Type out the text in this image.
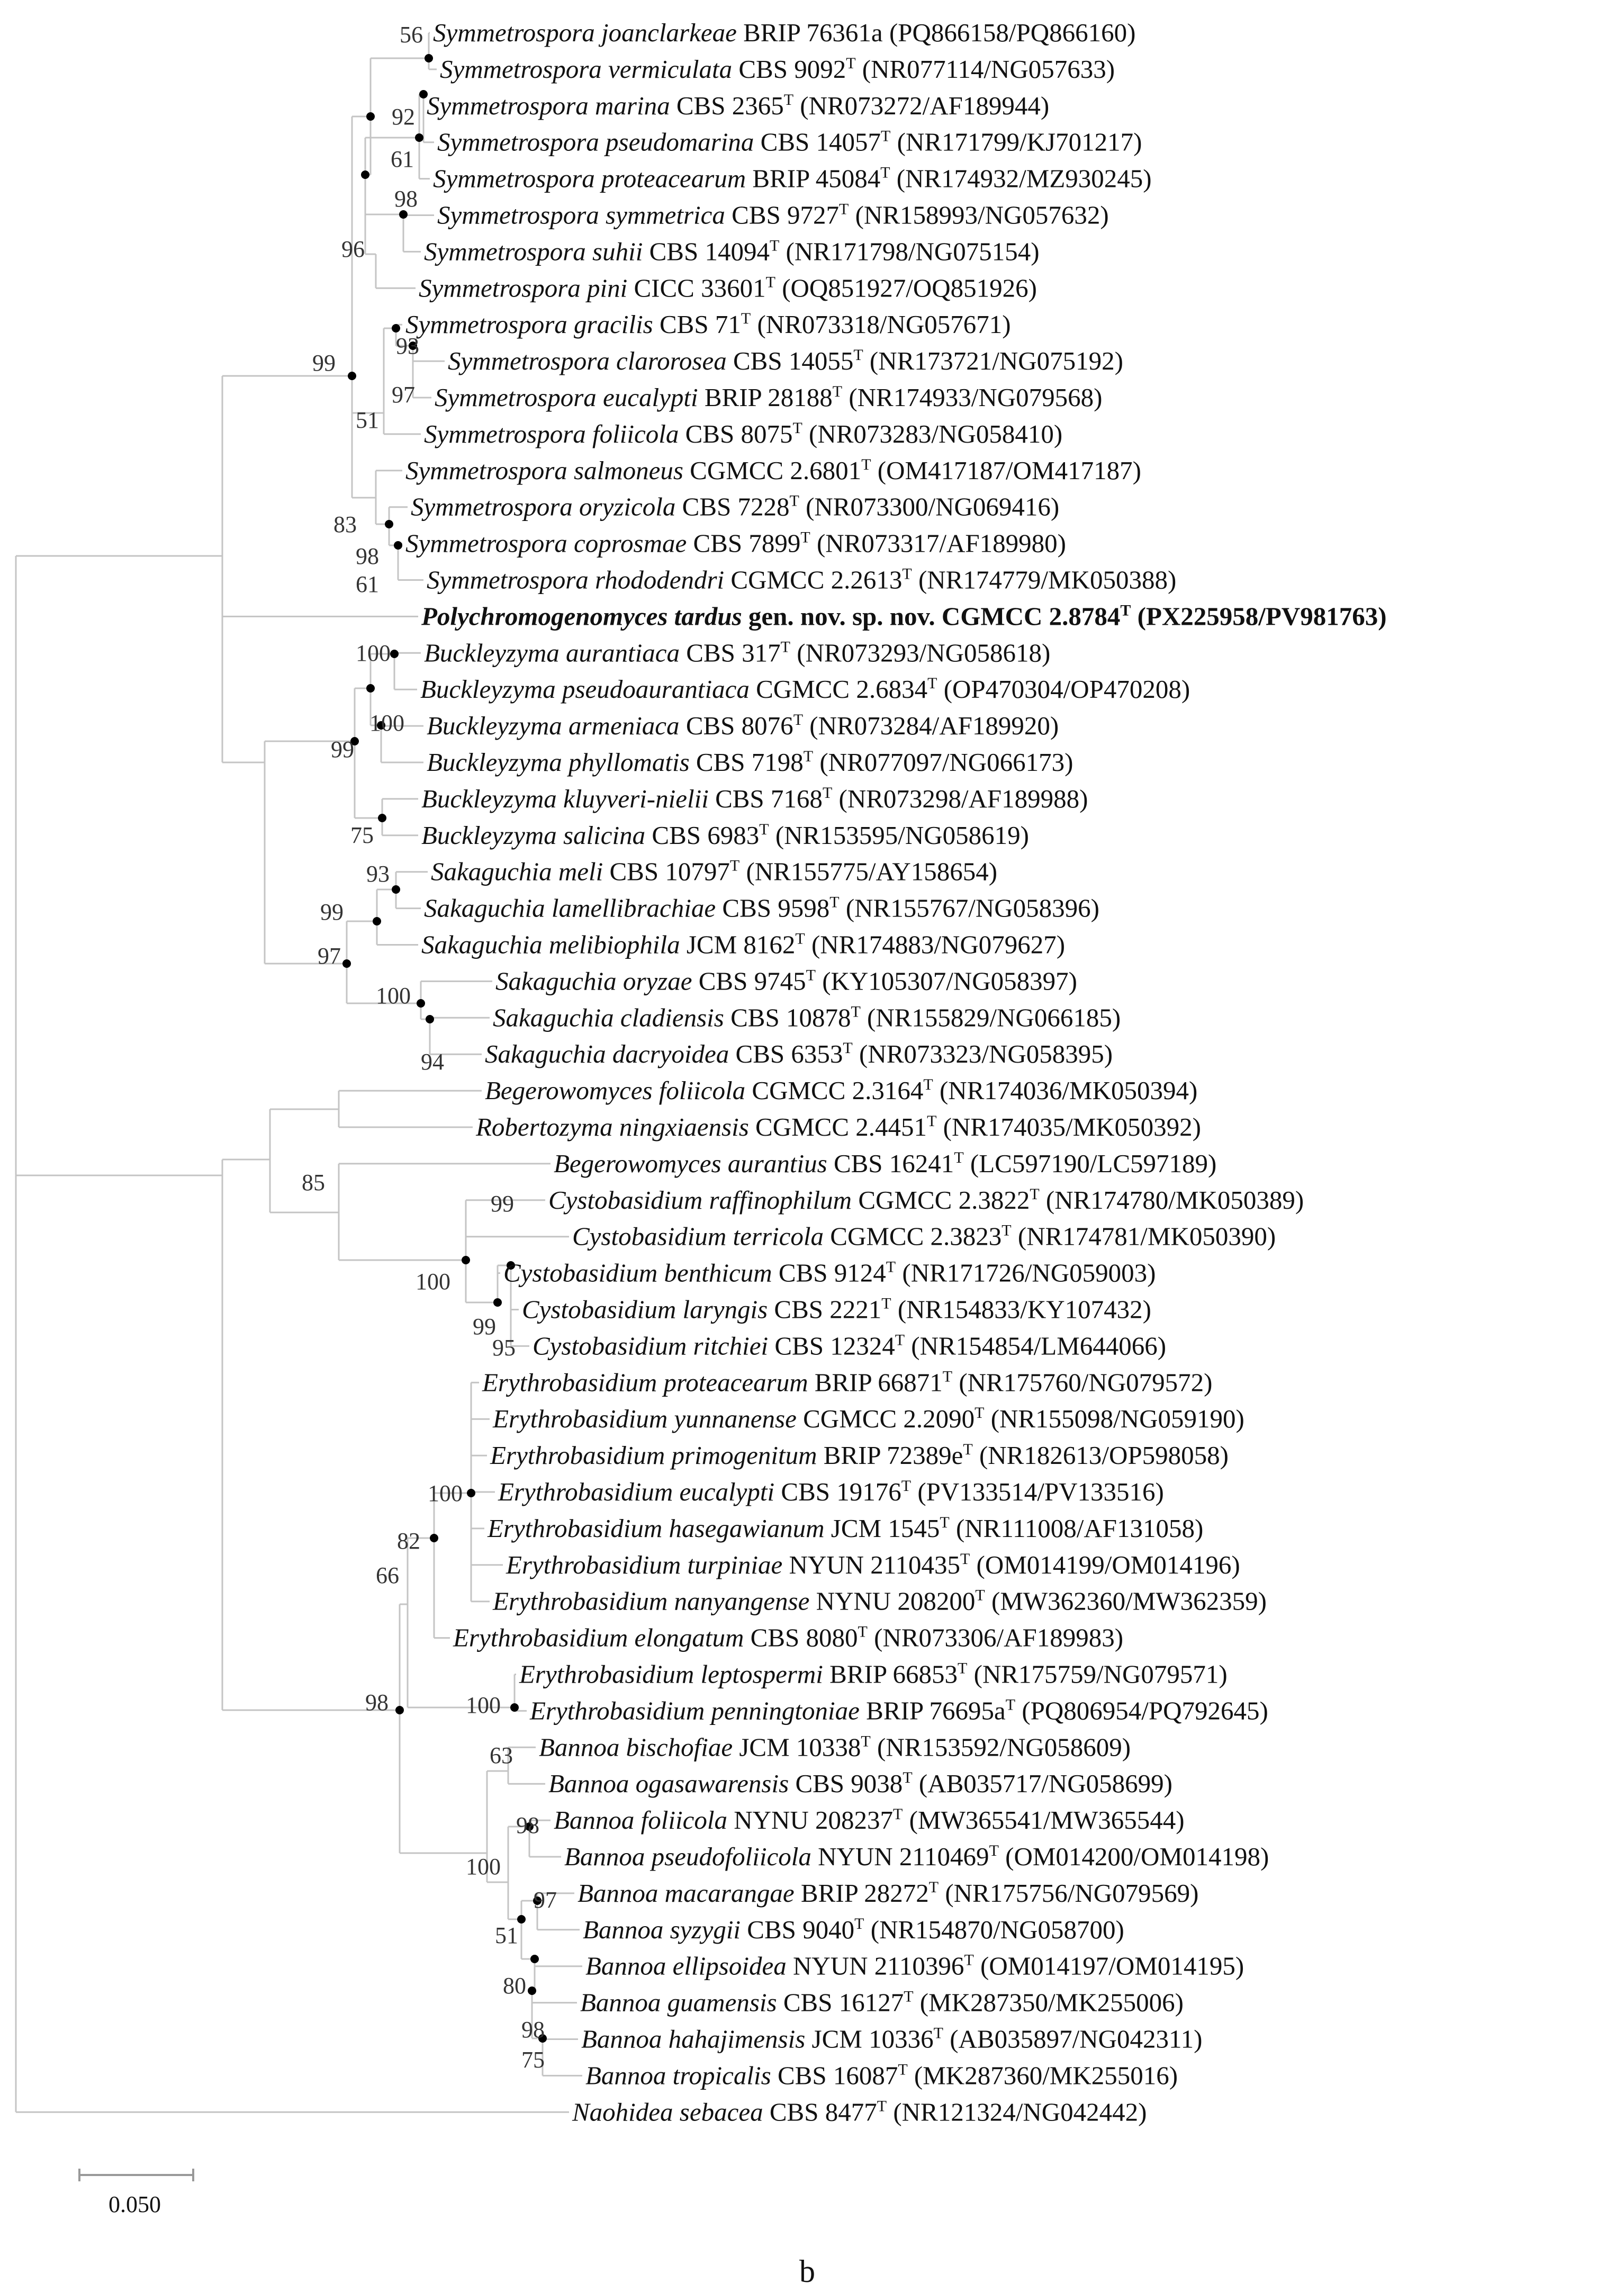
56
92
61
98
96
93
99
97
51
83
98
61
100
100
99
75
93
99
97
100
94
85
99
100
99
95
100
82
66
98	100
63
98
100
97
51
80
98
75
Symmetrospora joanclarkeae BRIP 76361a (PQ866158/PQ866160)
Symmetrospora vermiculata CBS $9092^T$ (NR077114/NG057633)
Symmetrospora marina CBS $2365^T$ (NR073272/AF189944)
Symmetrospora pseudomarina CBS $14057^T$ (NR171799/KJ701217)
Symmetrospora proteacearum BRIP $45084^T$ (NR174932/MZ930245)
Symmetrospora symmetrica CBS $9727^T$ (NR158993/NG057632)
Symmetrospora suhii CBS $14094^T$ (NR171798/NG075154)
Symmetrospora pini CICC $33601^T$ (OQ851927/OQ851926)
Symmetrospora gracilis CBS $71^T$ (NR073318/NG057671)
Symmetrospora clarorosea CBS $14055^T$ (NR173721/NG075192)
Symmetrospora eucalypti BRIP $28188^T$ (NR174933/NG079568)
Symmetrospora foliicola CBS $8075^T$ (NR073283/NG058410)
Symmetrospora salmoneus CGMCC $2.6801^T$ (OM417187/OM417187)
Symmetrospora oryzicola CBS $7228^T$ (NR073300/NG069416)
Symmetrospora coprosmae CBS $7899^T$ (NR073317/AF189980)
Symmetrospora rhododendri CGMCC $2.2613^T$ (NR174779/MK050388)
Polychromogenomyces tardus gen. nov. sp. nov. CGMCC $2.8784^T$ (PX225958/PV981763)
Buckleyzyma aurantiaca CBS $317^T$ (NR073293/NG058618)
Buckleyzyma pseudoaurantiaca CGMCC $2.6834^T$ (OP470304/OP470208)
Buckleyzyma armeniaca CBS $8076^T$ (NR073284/AF189920)
Buckleyzyma phyllomatis CBS $7198^T$ (NR077097/NG066173)
Buckleyzyma kluyveri-nielii CBS $7168^T$ (NR073298/AF189988)
Buckleyzyma salicina CBS $6983^T$ (NR153595/NG058619)
Sakaguchia meli CBS $10797^T$ (NR155775/AY158654)
Sakaguchia lamellibrachiae CBS $9598^T$ (NR155767/NG058396)
Sakaguchia melibiophila JCM $8162^T$ (NR174883/NG079627)
Sakaguchia oryzae CBS $9745^T$ (KY105307/NG058397)
Sakaguchia cladiensis CBS $10878^T$ (NR155829/NG066185)
Sakaguchia dacryoidea CBS $6353^T$ (NR073323/NG058395)
Begerowomyces foliicola CGMCC $2.3164^T$ (NR174036/MK050394)
Robertozyma ningxiaensis CGMCC $2.4451^T$ (NR174035/MK050392)
Begerowomyces aurantius CBS $16241^T$ (LC597190/LC597189)
Cystobasidium raffinophilum CGMCC $2.3822^T$ (NR174780/MK050389)
Cystobasidium terricola CGMCC $2.3823^T$ (NR174781/MK050390)
Cystobasidium benthicum CBS $9124^T$ (NR171726/NG059003)
Cystobasidium laryngis CBS $2221^T$ (NR154833/KY107432)
Cystobasidium ritchiei CBS $12324^T$ (NR154854/LM644066)
Erythrobasidium proteacearum BRIP $66871^T$ (NR175760/NG079572)
Erythrobasidium yunnanense CGMCC $2.2090^T$ (NR155098/NG059190)
Erythrobasidium primogenitum BRIP $72389e^T$ (NR182613/OP598058)
Erythrobasidium eucalypti CBS $19176^T$ (PV133514/PV133516)
Erythrobasidium hasegawianum JCM $1545^T$ (NR111008/AF131058)
Erythrobasidium turpiniae NYUN $2110435^T$ (OM014199/OM014196)
Erythrobasidium nanyangense NYNU $208200^T$ (MW362360/MW362359)
Erythrobasidium elongatum CBS $8080^T$ (NR073306/AF189983)
Erythrobasidium leptospermi BRIP $66853^T$ (NR175759/NG079571)
Erythrobasidium penningtoniae BRIP $76695a^T$ (PQ806954/PQ792645)
Bannoa bischofiae JCM $10338^T$ (NR153592/NG058609)
Bannoa ogasawarensis CBS $9038^T$ (AB035717/NG058699)
Bannoa foliicola NYNU $208237^T$ (MW365541/MW365544)
Bannoa pseudofoliicola NYUN $2110469^T$ (OM014200/OM014198)
Bannoa macarangae BRIP $28272^T$ (NR175756/NG079569)
Bannoa syzygii CBS $9040^T$ (NR154870/NG058700)
Bannoa ellipsoidea NYUN $2110396^T$ (OM014197/OM014195)
Bannoa guamensis CBS $16127^T$ (MK287350/MK255006)
Bannoa hahajimensis JCM $10336^T$ (AB035897/NG042311)
Bannoa tropicalis CBS $16087^T$ (MK287360/MK255016)
Naohidea sebacea CBS $8477^T$ (NR121324/NG042442)
0.050
b
